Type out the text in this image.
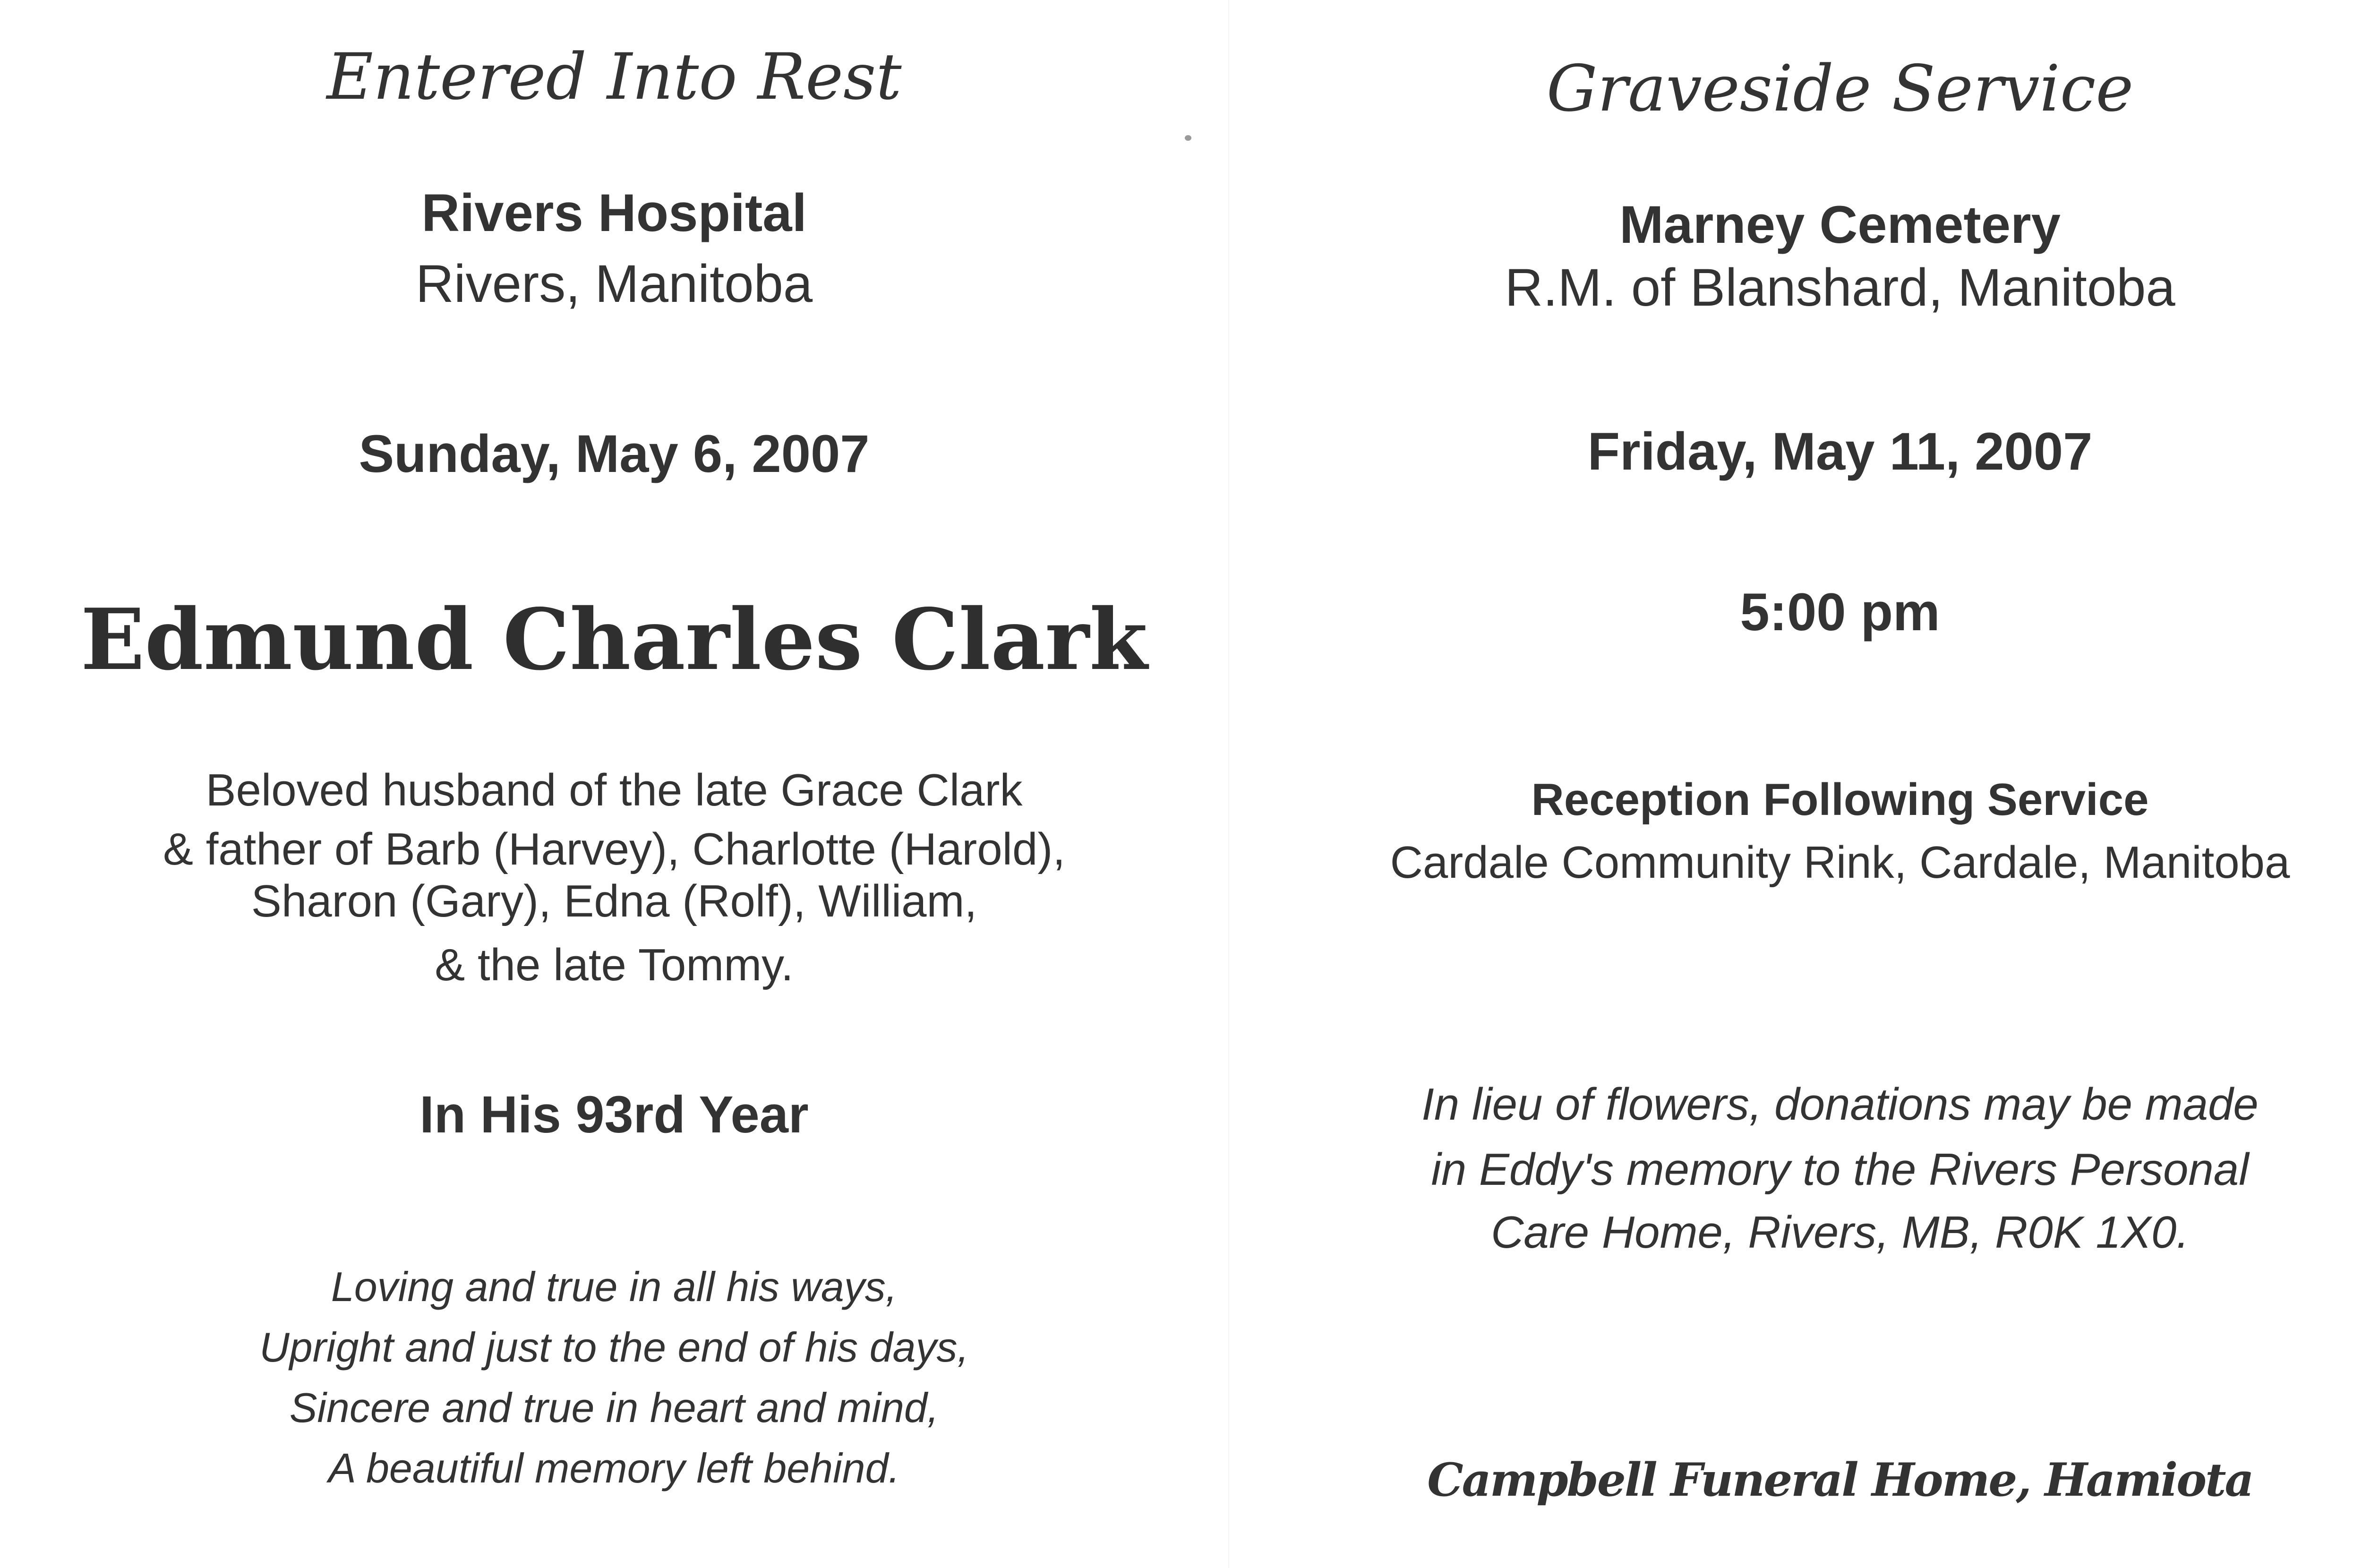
Entered Into Rest
Rivers Hospital
Rivers, Manitoba
Sunday, May 6, 2007
Edmund Charles Clark
Beloved husband of the late Grace Clark
& father of Barb (Harvey), Charlotte (Harold),
Sharon (Gary), Edna (Rolf), William,
& the late Tommy.
In His 93rd Year
Loving and true in all his ways,
Upright and just to the end of his days,
Sincere and true in heart and mind,
A beautiful memory left behind.
Graveside Service
Marney Cemetery
R.M. of Blanshard, Manitoba
Friday, May 11, 2007
5:00 pm
Reception Following Service
Cardale Community Rink, Cardale, Manitoba
In lieu of flowers, donations may be made
in Eddy's memory to the Rivers Personal
Care Home, Rivers, MB, R0K 1X0.
Campbell Funeral Home, Hamiota
